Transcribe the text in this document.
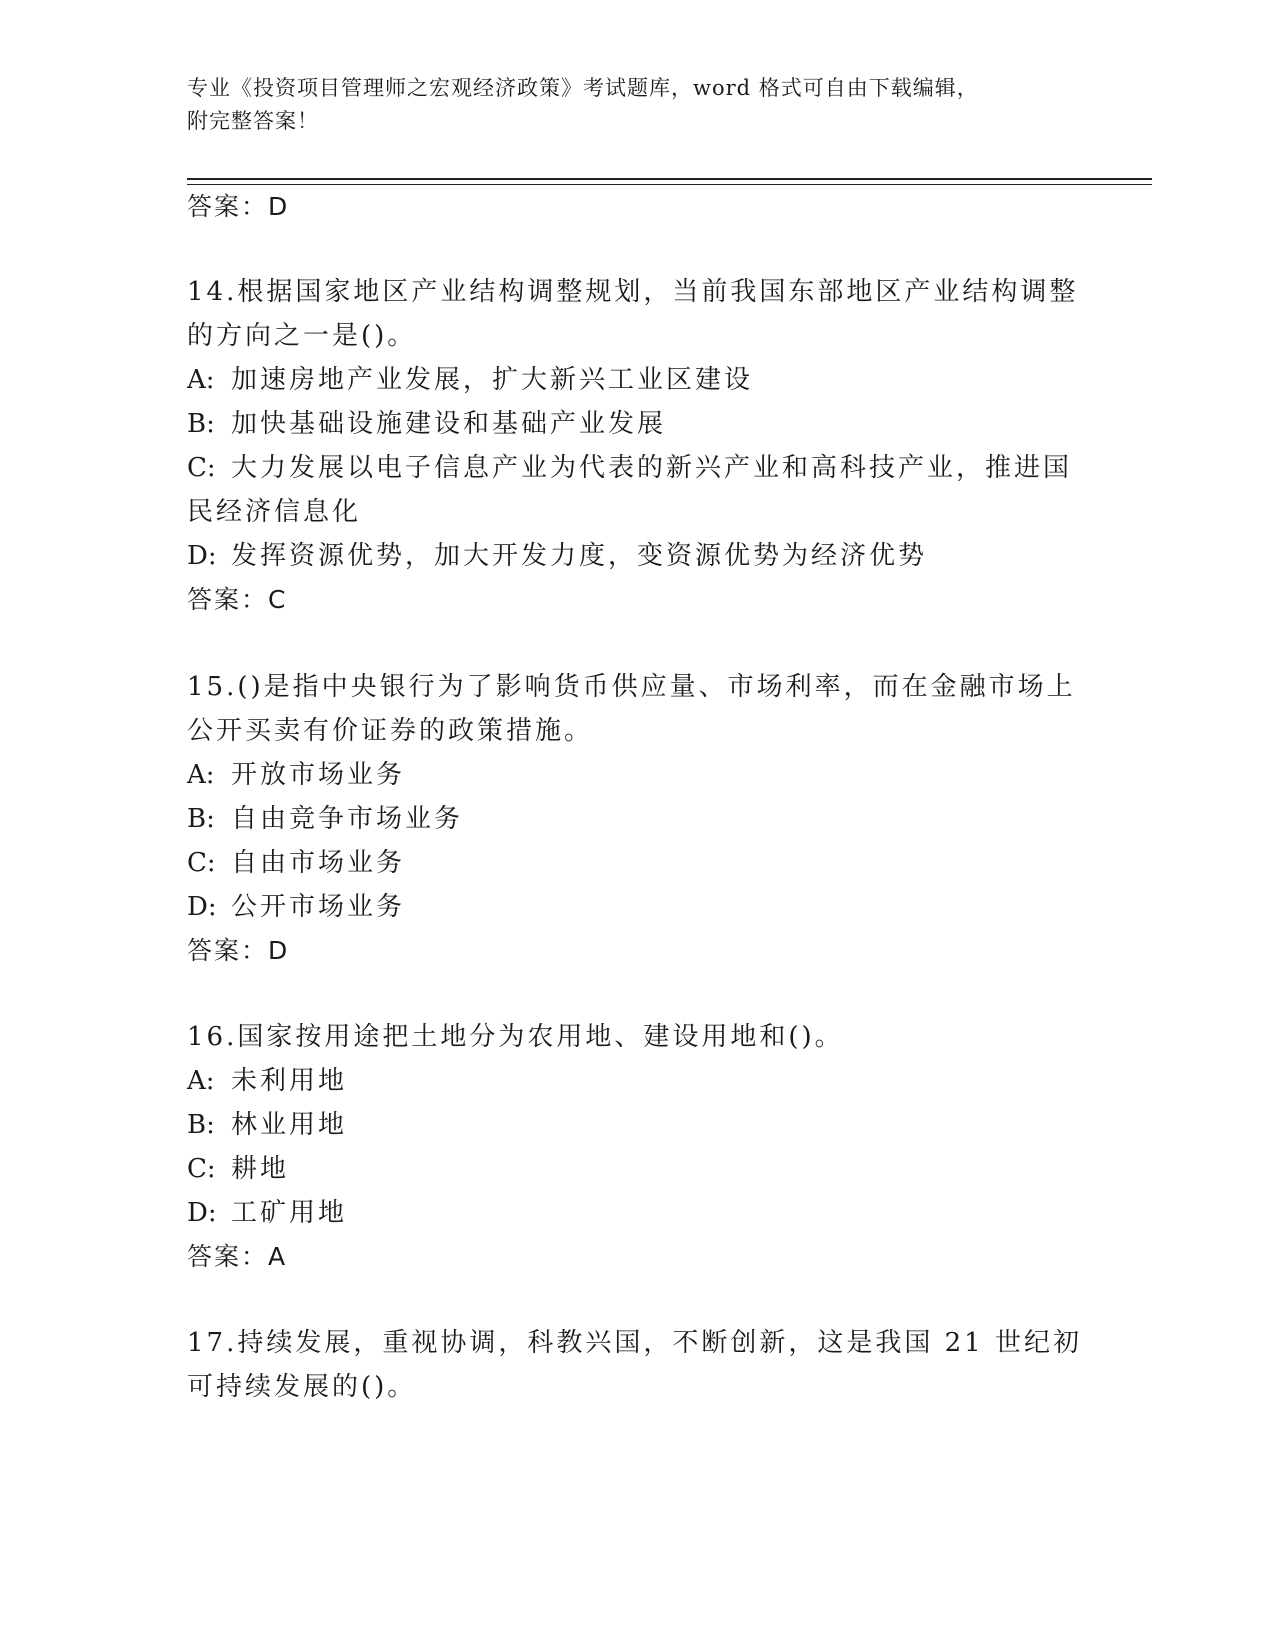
专业《投资项目管理师之宏观经济政策》考试题库，word 格式可自由下载编辑，
附完整答案！
答案：D
14.根据国家地区产业结构调整规划，当前我国东部地区产业结构调整
的方向之一是()。
A: 加速房地产业发展，扩大新兴工业区建设
B: 加快基础设施建设和基础产业发展
C: 大力发展以电子信息产业为代表的新兴产业和高科技产业，推进国
民经济信息化
D: 发挥资源优势，加大开发力度，变资源优势为经济优势
答案：C
15.()是指中央银行为了影响货币供应量、市场利率，而在金融市场上
公开买卖有价证券的政策措施。
A: 开放市场业务
B: 自由竞争市场业务
C: 自由市场业务
D: 公开市场业务
答案：D
16.国家按用途把土地分为农用地、建设用地和()。
A: 未利用地
B: 林业用地
C: 耕地
D: 工矿用地
答案：A
17.持续发展，重视协调，科教兴国，不断创新，这是我国 21 世纪初
可持续发展的()。
